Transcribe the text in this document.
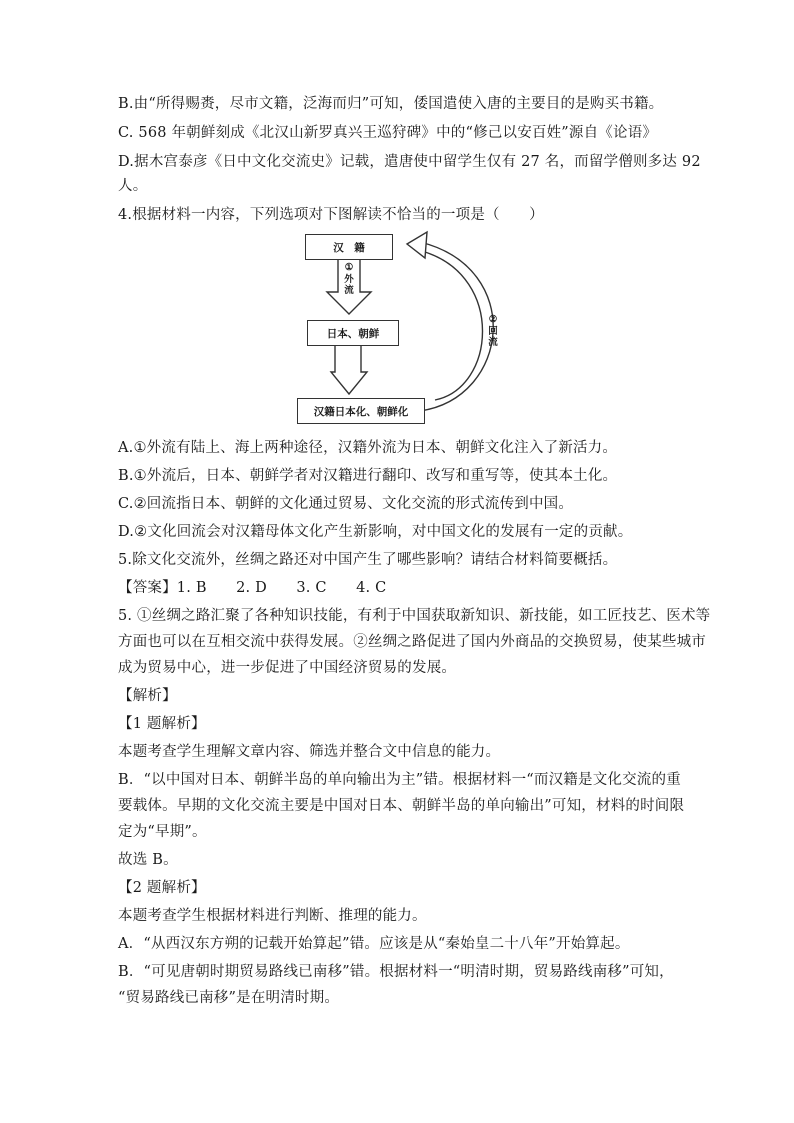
B.由“所得赐赉，尽市文籍，泛海而归”可知，倭国遣使入唐的主要目的是购买书籍。
C. 568 年朝鲜刻成《北汉山新罗真兴王巡狩碑》中的“修己以安百姓”源自《论语》
D.据木宫泰彦《日中文化交流史》记载，遣唐使中留学生仅有 27 名，而留学僧则多达 92
人。
4.根据材料一内容，下列选项对下图解读不恰当的一项是（　　）
汉　籍
日本、朝鲜
汉籍日本化、朝鲜化
①
外流
②
回流
A.①外流有陆上、海上两种途径，汉籍外流为日本、朝鲜文化注入了新活力。
B.①外流后，日本、朝鲜学者对汉籍进行翻印、改写和重写等，使其本土化。
C.②回流指日本、朝鲜的文化通过贸易、文化交流的形式流传到中国。
D.②文化回流会对汉籍母体文化产生新影响，对中国文化的发展有一定的贡献。
5.除文化交流外，丝绸之路还对中国产生了哪些影响？请结合材料简要概括。
【答案】1. B　　2. D　　3. C　　4. C
5. ①丝绸之路汇聚了各种知识技能，有利于中国获取新知识、新技能，如工匠技艺、医术等
方面也可以在互相交流中获得发展。②丝绸之路促进了国内外商品的交换贸易，使某些城市
成为贸易中心，进一步促进了中国经济贸易的发展。
【解析】
【1 题解析】
本题考查学生理解文章内容、筛选并整合文中信息的能力。
B．“以中国对日本、朝鲜半岛的单向输出为主”错。根据材料一“而汉籍是文化交流的重
要载体。早期的文化交流主要是中国对日本、朝鲜半岛的单向输出”可知，材料的时间限
定为“早期”。
故选 B。
【2 题解析】
本题考查学生根据材料进行判断、推理的能力。
A．“从西汉东方朔的记载开始算起”错。应该是从“秦始皇二十八年”开始算起。
B．“可见唐朝时期贸易路线已南移”错。根据材料一“明清时期，贸易路线南移”可知，
“贸易路线已南移”是在明清时期。
